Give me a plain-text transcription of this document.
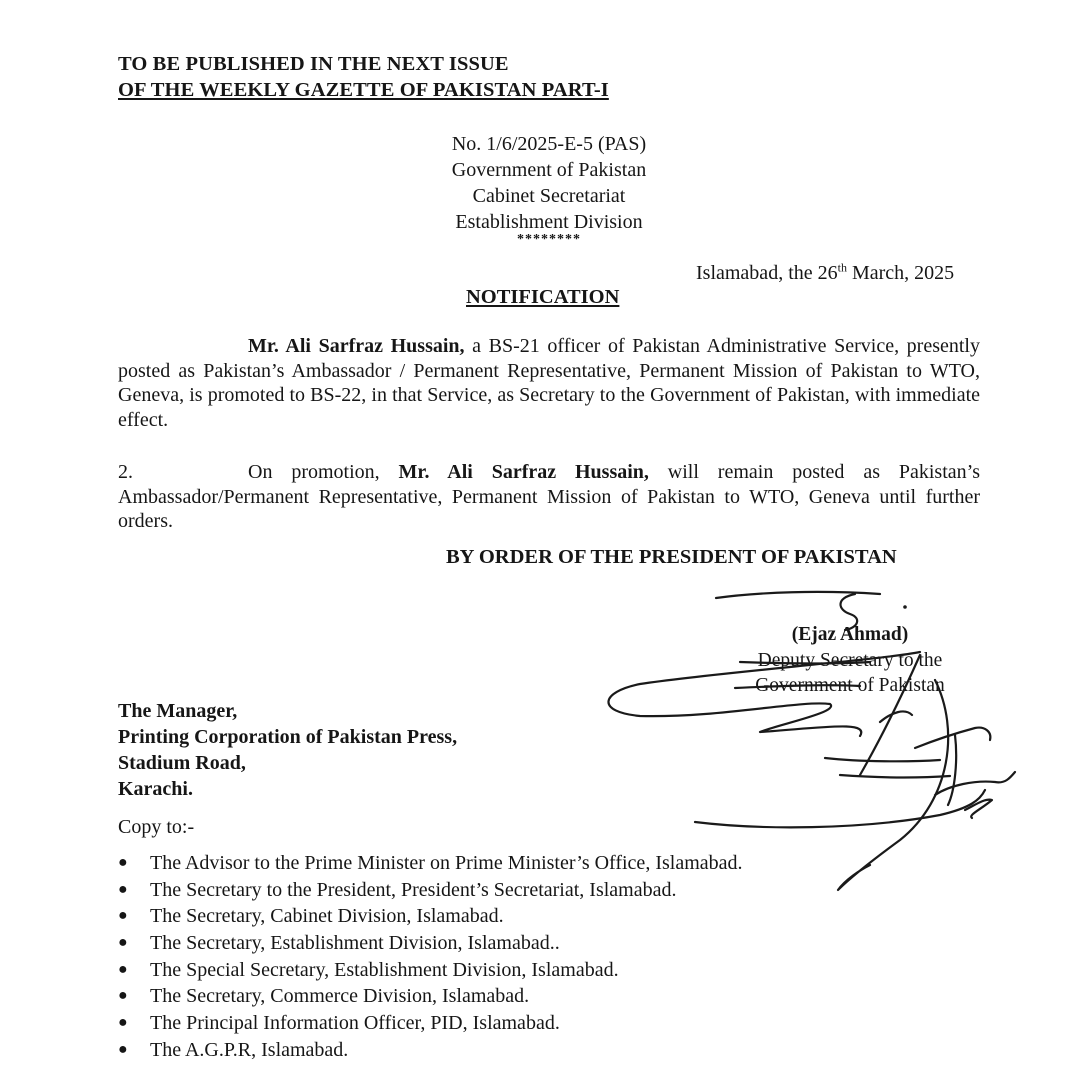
TO BE PUBLISHED IN THE NEXT ISSUE
OF THE WEEKLY GAZETTE OF PAKISTAN PART-I
No. 1/6/2025-E-5 (PAS)
Government of Pakistan
Cabinet Secretariat
Establishment Division
********
Islamabad, the 26th March, 2025
NOTIFICATION
Mr. Ali Sarfraz Hussain, a BS-21 officer of Pakistan Administrative Service, presently posted as Pakistan’s Ambassador / Permanent Representative, Permanent Mission of Pakistan to WTO, Geneva, is promoted to BS-22, in that Service, as Secretary to the Government of Pakistan, with immediate effect.
2.	On promotion, Mr. Ali Sarfraz Hussain, will remain posted as Pakistan’s Ambassador/Permanent Representative, Permanent Mission of Pakistan to WTO, Geneva until further orders.
BY ORDER OF THE PRESIDENT OF PAKISTAN
(Ejaz Ahmad)
Deputy Secretary to the
Government of Pakistan
The Manager,
Printing Corporation of Pakistan Press,
Stadium Road,
Karachi.
Copy to:-
●	The Advisor to the Prime Minister on Prime Minister’s Office, Islamabad.
●	The Secretary to the President, President’s Secretariat, Islamabad.
●	The Secretary, Cabinet Division, Islamabad.
●	The Secretary, Establishment Division, Islamabad..
●	The Special Secretary, Establishment Division, Islamabad.
●	The Secretary, Commerce Division, Islamabad.
●	The Principal Information Officer, PID, Islamabad.
●	The A.G.P.R, Islamabad.
